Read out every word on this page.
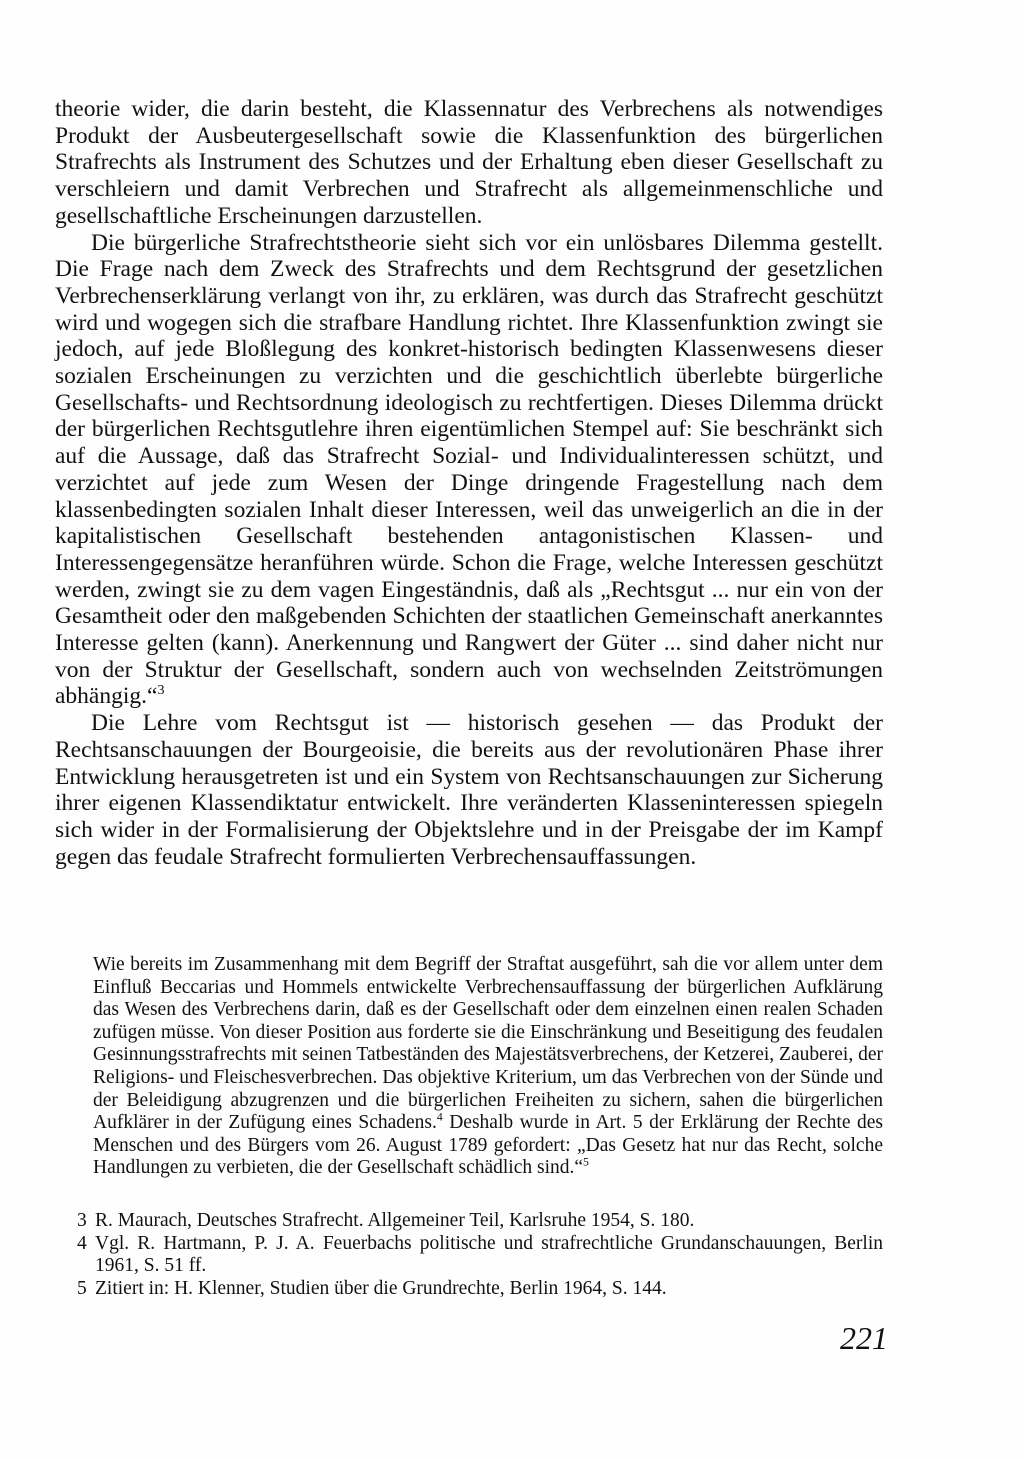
theorie wider, die darin besteht, die Klassennatur des Verbrechens als notwendiges Produkt der Ausbeutergesellschaft sowie die Klassenfunktion des bürgerlichen Strafrechts als Instrument des Schutzes und der Erhaltung eben dieser Gesellschaft zu verschleiern und damit Verbrechen und Strafrecht als allgemeinmenschliche und gesellschaftliche Erscheinungen darzustellen.

Die bürgerliche Strafrechtstheorie sieht sich vor ein unlösbares Dilemma gestellt. Die Frage nach dem Zweck des Strafrechts und dem Rechtsgrund der gesetzlichen Verbrechenserklärung verlangt von ihr, zu erklären, was durch das Strafrecht geschützt wird und wogegen sich die strafbare Handlung richtet. Ihre Klassenfunktion zwingt sie jedoch, auf jede Bloßlegung des konkret-historisch bedingten Klassenwesens dieser sozialen Erscheinungen zu verzichten und die geschichtlich überlebte bürgerliche Gesellschafts- und Rechtsordnung ideologisch zu rechtfertigen. Dieses Dilemma drückt der bürgerlichen Rechtsgutlehre ihren eigentümlichen Stempel auf: Sie beschränkt sich auf die Aussage, daß das Strafrecht Sozial- und Individualinteressen schützt, und verzichtet auf jede zum Wesen der Dinge dringende Fragestellung nach dem klassenbedingten sozialen Inhalt dieser Interessen, weil das unweigerlich an die in der kapitalistischen Gesellschaft bestehenden antagonistischen Klassen- und Interessengegensätze heranführen würde. Schon die Frage, welche Interessen geschützt werden, zwingt sie zu dem vagen Eingeständnis, daß als „Rechtsgut ... nur ein von der Gesamtheit oder den maßgebenden Schichten der staatlichen Gemeinschaft anerkanntes Interesse gelten (kann). Anerkennung und Rangwert der Güter ... sind daher nicht nur von der Struktur der Gesellschaft, sondern auch von wechselnden Zeitströmungen abhängig.“$^3$

Die Lehre vom Rechtsgut ist — historisch gesehen — das Produkt der Rechtsanschauungen der Bourgeoisie, die bereits aus der revolutionären Phase ihrer Entwicklung herausgetreten ist und ein System von Rechtsanschauungen zur Sicherung ihrer eigenen Klassendiktatur entwickelt. Ihre veränderten Klasseninteressen spiegeln sich wider in der Formalisierung der Objektslehre und in der Preisgabe der im Kampf gegen das feudale Strafrecht formulierten Verbrechensauffassungen.

Wie bereits im Zusammenhang mit dem Begriff der Straftat ausgeführt, sah die vor allem unter dem Einfluß Beccarias und Hommels entwickelte Verbrechensauffassung der bürgerlichen Aufklärung das Wesen des Verbrechens darin, daß es der Gesellschaft oder dem einzelnen einen realen Schaden zufügen müsse. Von dieser Position aus forderte sie die Einschränkung und Beseitigung des feudalen Gesinnungsstrafrechts mit seinen Tatbeständen des Majestätsverbrechens, der Ketzerei, Zauberei, der Religions- und Fleischesverbrechen. Das objektive Kriterium, um das Verbrechen von der Sünde und der Beleidigung abzugrenzen und die bürgerlichen Freiheiten zu sichern, sahen die bürgerlichen Aufklärer in der Zufügung eines Schadens.$^4$ Deshalb wurde in Art. 5 der Erklärung der Rechte des Menschen und des Bürgers vom 26. August 1789 gefordert: „Das Gesetz hat nur das Recht, solche Handlungen zu verbieten, die der Gesellschaft schädlich sind.“$^5$

3 R. Maurach, Deutsches Strafrecht. Allgemeiner Teil, Karlsruhe 1954, S. 180.
4 Vgl. R. Hartmann, P. J. A. Feuerbachs politische und strafrechtliche Grundanschauungen, Berlin 1961, S. 51 ff.
5 Zitiert in: H. Klenner, Studien über die Grundrechte, Berlin 1964, S. 144.
221
